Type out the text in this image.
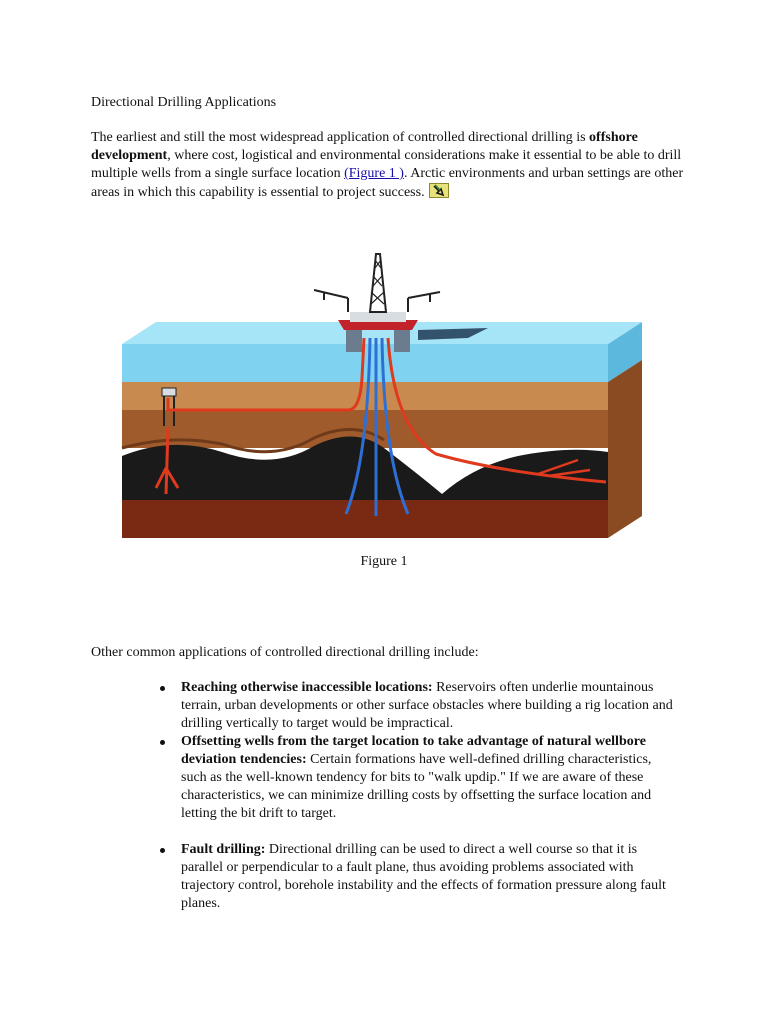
Directional Drilling Applications

The earliest and still the most widespread application of controlled directional drilling is offshore development, where cost, logistical and environmental considerations make it essential to be able to drill multiple wells from a single surface location (Figure 1 ). Arctic environments and urban settings are other areas in which this capability is essential to project success.

Figure 1

Other common applications of controlled directional drilling include:

Reaching otherwise inaccessible locations: Reservoirs often underlie mountainous terrain, urban developments or other surface obstacles where building a rig location and drilling vertically to target would be impractical.
Offsetting wells from the target location to take advantage of natural wellbore deviation tendencies: Certain formations have well-defined drilling characteristics, such as the well-known tendency for bits to "walk updip." If we are aware of these characteristics, we can minimize drilling costs by offsetting the surface location and letting the bit drift to target.
Fault drilling: Directional drilling can be used to direct a well course so that it is parallel or perpendicular to a fault plane, thus avoiding problems associated with trajectory control, borehole instability and the effects of formation pressure along fault planes.
